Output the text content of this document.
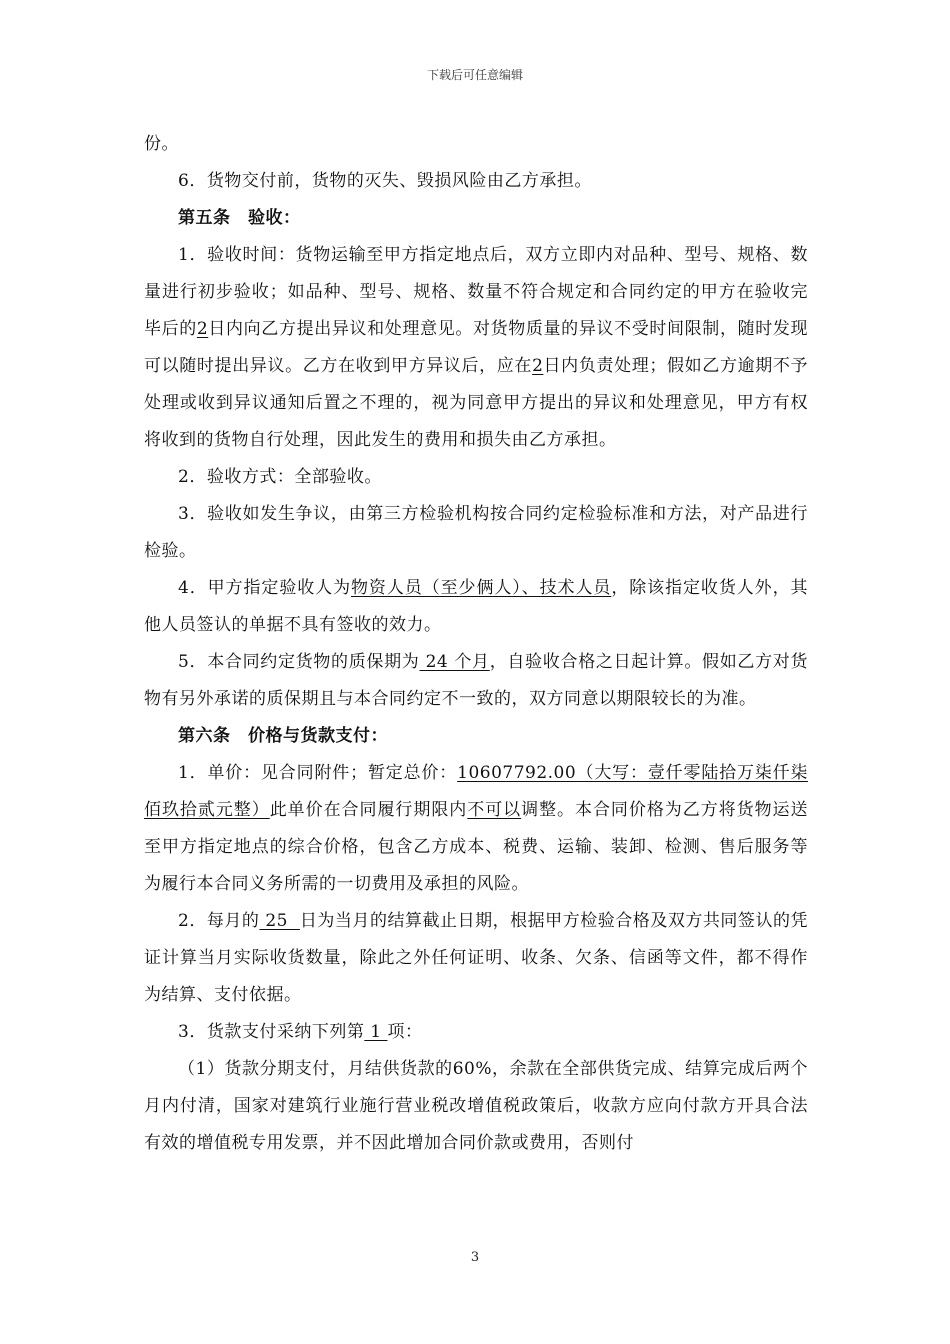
下载后可任意编辑

份。

6．货物交付前，货物的灭失、毁损风险由乙方承担。

第五条　验收：

1．验收时间：货物运输至甲方指定地点后，双方立即内对品种、型号、规格、数量进行初步验收；如品种、型号、规格、数量不符合规定和合同约定的甲方在验收完毕后的2日内向乙方提出异议和处理意见。对货物质量的异议不受时间限制，随时发现可以随时提出异议。乙方在收到甲方异议后，应在2日内负责处理；假如乙方逾期不予处理或收到异议通知后置之不理的，视为同意甲方提出的异议和处理意见，甲方有权将收到的货物自行处理，因此发生的费用和损失由乙方承担。

2．验收方式：全部验收。

3．验收如发生争议，由第三方检验机构按合同约定检验标准和方法，对产品进行检验。

4．甲方指定验收人为物资人员（至少俩人）、技术人员，除该指定收货人外，其他人员签认的单据不具有签收的效力。

5．本合同约定货物的质保期为 24 个月，自验收合格之日起计算。假如乙方对货物有另外承诺的质保期且与本合同约定不一致的，双方同意以期限较长的为准。

第六条　价格与货款支付：

1．单价：见合同附件；暂定总价：10607792.00（大写：壹仟零陆拾万柒仟柒佰玖拾贰元整）此单价在合同履行期限内不可以调整。本合同价格为乙方将货物运送至甲方指定地点的综合价格，包含乙方成本、税费、运输、装卸、检测、售后服务等为履行本合同义务所需的一切费用及承担的风险。

2．每月的 25  日为当月的结算截止日期，根据甲方检验合格及双方共同签认的凭证计算当月实际收货数量，除此之外任何证明、收条、欠条、信函等文件，都不得作为结算、支付依据。

3．货款支付采纳下列第 1 项：

（1）货款分期支付，月结供货款的60%，余款在全部供货完成、结算完成后两个月内付清，国家对建筑行业施行营业税改增值税政策后，收款方应向付款方开具合法有效的增值税专用发票，并不因此增加合同价款或费用，否则付

3
